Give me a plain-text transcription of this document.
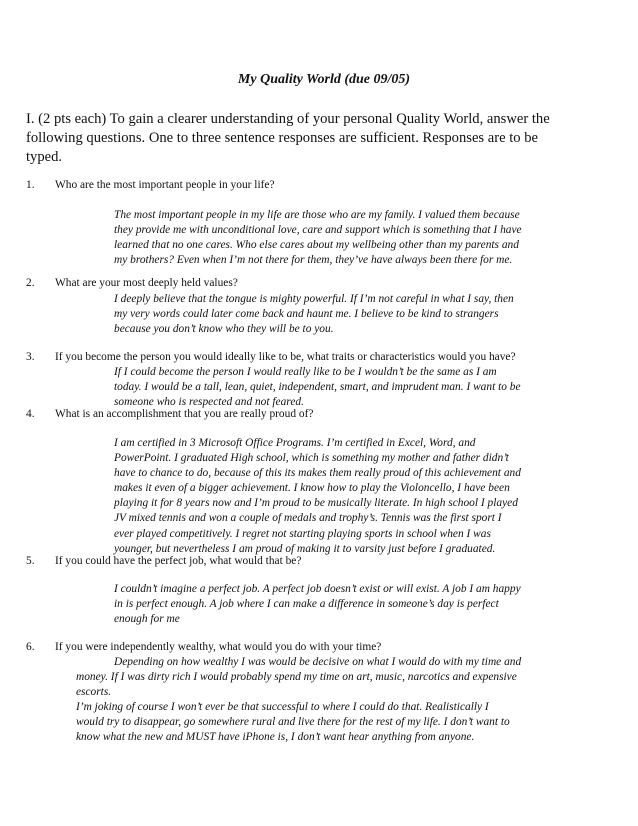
My Quality World (due 09/05)
I. (2 pts each) To gain a clearer understanding of your personal Quality World, answer the following questions. One to three sentence responses are sufficient. Responses are to be typed.
1. Who are the most important people in your life?
The most important people in my life are those who are my family. I valued them because
they provide me with unconditional love, care and support which is something that I have
learned that no one cares. Who else cares about my wellbeing other than my parents and
my brothers? Even when I’m not there for them, they’ve have always been there for me.
2. What are your most deeply held values?
I deeply believe that the tongue is mighty powerful. If I’m not careful in what I say, then
my very words could later come back and haunt me. I believe to be kind to strangers
because you don’t know who they will be to you.
3. If you become the person you would ideally like to be, what traits or characteristics would you have?
If I could become the person I would really like to be I wouldn’t be the same as I am
today. I would be a tall, lean, quiet, independent, smart, and imprudent man. I want to be
someone who is respected and not feared.
4. What is an accomplishment that you are really proud of?
I am certified in 3 Microsoft Office Programs. I’m certified in Excel, Word, and
PowerPoint. I graduated High school, which is something my mother and father didn’t
have to chance to do, because of this its makes them really proud of this achievement and
makes it even of a bigger achievement. I know how to play the Violoncello, I have been
playing it for 8 years now and I’m proud to be musically literate. In high school I played
JV mixed tennis and won a couple of medals and trophy’s. Tennis was the first sport I
ever played competitively. I regret not starting playing sports in school when I was
younger, but nevertheless I am proud of making it to varsity just before I graduated.
5. If you could have the perfect job, what would that be?
I couldn’t imagine a perfect job. A perfect job doesn’t exist or will exist. A job I am happy
in is perfect enough. A job where I can make a difference in someone’s day is perfect
enough for me
6. If you were independently wealthy, what would you do with your time?
Depending on how wealthy I was would be decisive on what I would do with my time and
money. If I was dirty rich I would probably spend my time on art, music, narcotics and expensive
escorts.
I’m joking of course I won’t ever be that successful to where I could do that. Realistically I
would try to disappear, go somewhere rural and live there for the rest of my life. I don’t want to
know what the new and MUST have iPhone is, I don’t want hear anything from anyone.
